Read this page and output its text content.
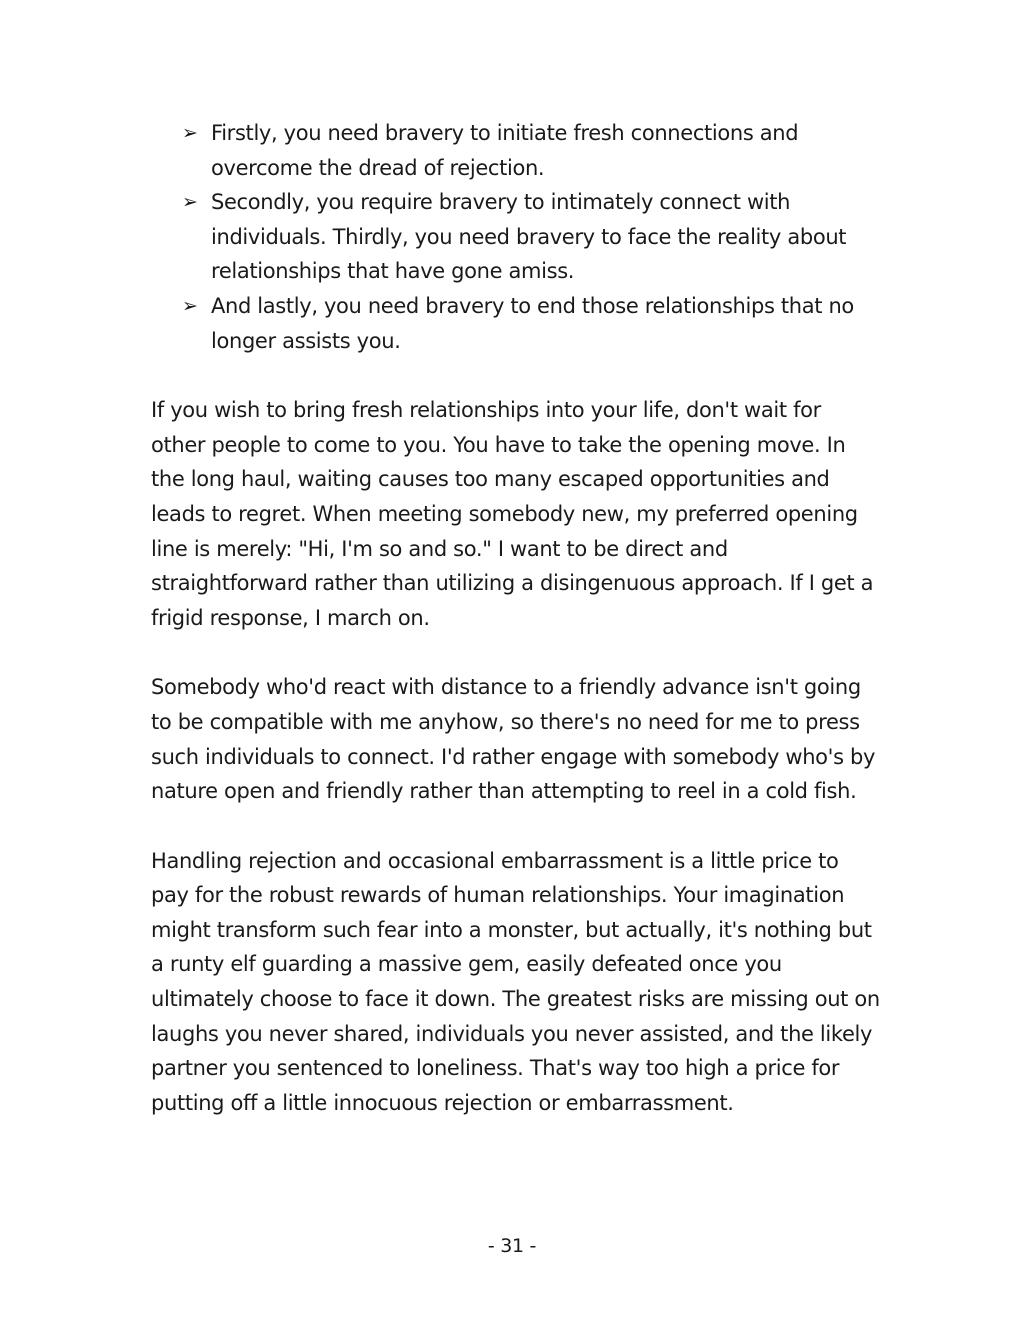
➢ Firstly, you need bravery to initiate fresh connections and overcome the dread of rejection.
➢ Secondly, you require bravery to intimately connect with individuals. Thirdly, you need bravery to face the reality about relationships that have gone amiss.
➢ And lastly, you need bravery to end those relationships that no longer assists you.

If you wish to bring fresh relationships into your life, don't wait for other people to come to you. You have to take the opening move. In the long haul, waiting causes too many escaped opportunities and leads to regret. When meeting somebody new, my preferred opening line is merely: "Hi, I'm so and so." I want to be direct and straightforward rather than utilizing a disingenuous approach. If I get a frigid response, I march on.

Somebody who'd react with distance to a friendly advance isn't going to be compatible with me anyhow, so there's no need for me to press such individuals to connect. I'd rather engage with somebody who's by nature open and friendly rather than attempting to reel in a cold fish.

Handling rejection and occasional embarrassment is a little price to pay for the robust rewards of human relationships. Your imagination might transform such fear into a monster, but actually, it's nothing but a runty elf guarding a massive gem, easily defeated once you ultimately choose to face it down. The greatest risks are missing out on laughs you never shared, individuals you never assisted, and the likely partner you sentenced to loneliness. That's way too high a price for putting off a little innocuous rejection or embarrassment.

- 31 -
